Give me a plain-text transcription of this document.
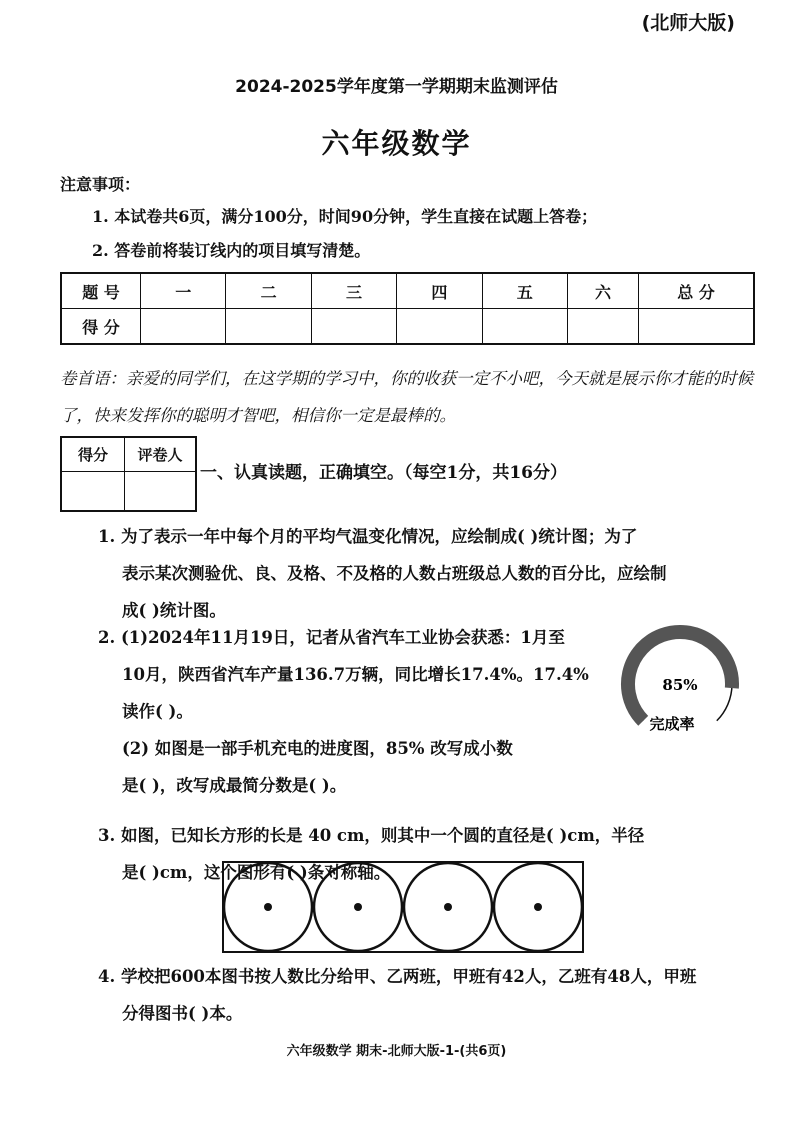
(北师大版)
2024-2025学年度第一学期期末监测评估
六年级数学
注意事项：
1. 本试卷共6页，满分100分，时间90分钟，学生直接在试题上答卷；
2. 答卷前将装订线内的项目填写清楚。
题 号	一	二	三	四	五	六	总 分
得 分							
卷首语：亲爱的同学们，在这学期的学习中，你的收获一定不小吧，今天就是展示你才能的时候了，快来发挥你的聪明才智吧，相信你一定是最棒的。
得分	评卷人

一、认真读题，正确填空。（每空1分，共16分）
1. 为了表示一年中每个月的平均气温变化情况，应绘制成( )统计图；为了
表示某次测验优、良、及格、不及格的人数占班级总人数的百分比，应绘制
成( )统计图。
2. (1)2024年11月19日，记者从省汽车工业协会获悉：1月至
10月，陕西省汽车产量136.7万辆，同比增长17.4%。17.4%
读作( )。
(2) 如图是一部手机充电的进度图，85% 改写成小数
是( )，改写成最简分数是( )。
85%
完成率
3. 如图，已知长方形的长是 40 cm，则其中一个圆的直径是( )cm，半径
是( )cm，这个图形有( )条对称轴。
4. 学校把600本图书按人数比分给甲、乙两班，甲班有42人，乙班有48人，甲班
分得图书( )本。
六年级数学 期末-北师大版-1-(共6页)
